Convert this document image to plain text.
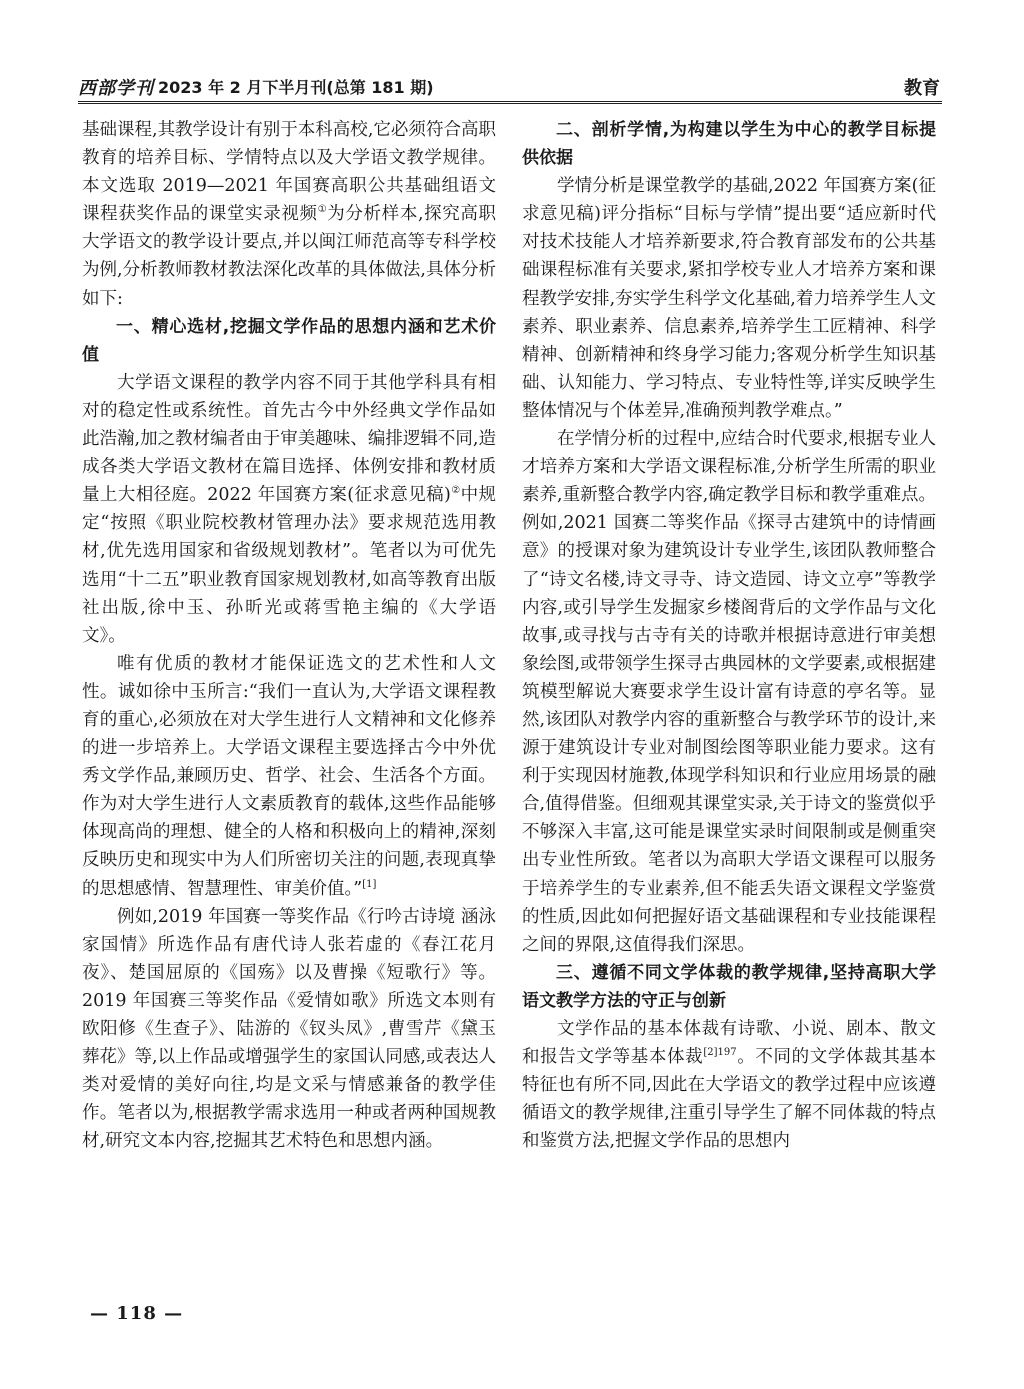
西部学刊 2023 年 2 月下半月刊(总第 181 期)	教育

基础课程,其教学设计有别于本科高校,它必须符合高职教育的培养目标、学情特点以及大学语文教学规律。本文选取 2019—2021 年国赛高职公共基础组语文课程获奖作品的课堂实录视频①为分析样本,探究高职大学语文的教学设计要点,并以闽江师范高等专科学校为例,分析教师教材教法深化改革的具体做法,具体分析如下:

一、精心选材,挖掘文学作品的思想内涵和艺术价值

大学语文课程的教学内容不同于其他学科具有相对的稳定性或系统性。首先古今中外经典文学作品如此浩瀚,加之教材编者由于审美趣味、编排逻辑不同,造成各类大学语文教材在篇目选择、体例安排和教材质量上大相径庭。2022 年国赛方案(征求意见稿)②中规定“按照《职业院校教材管理办法》要求规范选用教材,优先选用国家和省级规划教材”。笔者以为可优先选用“十二五”职业教育国家规划教材,如高等教育出版社出版,徐中玉、孙昕光或蒋雪艳主编的《大学语文》。

唯有优质的教材才能保证选文的艺术性和人文性。诚如徐中玉所言:“我们一直认为,大学语文课程教育的重心,必须放在对大学生进行人文精神和文化修养的进一步培养上。大学语文课程主要选择古今中外优秀文学作品,兼顾历史、哲学、社会、生活各个方面。作为对大学生进行人文素质教育的载体,这些作品能够体现高尚的理想、健全的人格和积极向上的精神,深刻反映历史和现实中为人们所密切关注的问题,表现真挚的思想感情、智慧理性、审美价值。”[1]

例如,2019 年国赛一等奖作品《行吟古诗境 涵泳家国情》所选作品有唐代诗人张若虚的《春江花月夜》、楚国屈原的《国殇》以及曹操《短歌行》等。2019 年国赛三等奖作品《爱情如歌》所选文本则有欧阳修《生查子》、陆游的《钗头凤》,曹雪芹《黛玉葬花》等,以上作品或增强学生的家国认同感,或表达人类对爱情的美好向往,均是文采与情感兼备的教学佳作。笔者以为,根据教学需求选用一种或者两种国规教材,研究文本内容,挖掘其艺术特色和思想内涵。

二、剖析学情,为构建以学生为中心的教学目标提供依据

学情分析是课堂教学的基础,2022 年国赛方案(征求意见稿)评分指标“目标与学情”提出要“适应新时代对技术技能人才培养新要求,符合教育部发布的公共基础课程标准有关要求,紧扣学校专业人才培养方案和课程教学安排,夯实学生科学文化基础,着力培养学生人文素养、职业素养、信息素养,培养学生工匠精神、科学精神、创新精神和终身学习能力;客观分析学生知识基础、认知能力、学习特点、专业特性等,详实反映学生整体情况与个体差异,准确预判教学难点。”

在学情分析的过程中,应结合时代要求,根据专业人才培养方案和大学语文课程标准,分析学生所需的职业素养,重新整合教学内容,确定教学目标和教学重难点。例如,2021 国赛二等奖作品《探寻古建筑中的诗情画意》的授课对象为建筑设计专业学生,该团队教师整合了“诗文名楼,诗文寻寺、诗文造园、诗文立亭”等教学内容,或引导学生发掘家乡楼阁背后的文学作品与文化故事,或寻找与古寺有关的诗歌并根据诗意进行审美想象绘图,或带领学生探寻古典园林的文学要素,或根据建筑模型解说大赛要求学生设计富有诗意的亭名等。显然,该团队对教学内容的重新整合与教学环节的设计,来源于建筑设计专业对制图绘图等职业能力要求。这有利于实现因材施教,体现学科知识和行业应用场景的融合,值得借鉴。但细观其课堂实录,关于诗文的鉴赏似乎不够深入丰富,这可能是课堂实录时间限制或是侧重突出专业性所致。笔者以为高职大学语文课程可以服务于培养学生的专业素养,但不能丢失语文课程文学鉴赏的性质,因此如何把握好语文基础课程和专业技能课程之间的界限,这值得我们深思。

三、遵循不同文学体裁的教学规律,坚持高职大学语文教学方法的守正与创新

文学作品的基本体裁有诗歌、小说、剧本、散文和报告文学等基本体裁$^{[2]197}$。不同的文学体裁其基本特征也有所不同,因此在大学语文的教学过程中应该遵循语文的教学规律,注重引导学生了解不同体裁的特点和鉴赏方法,把握文学作品的思想内

— 118 —
